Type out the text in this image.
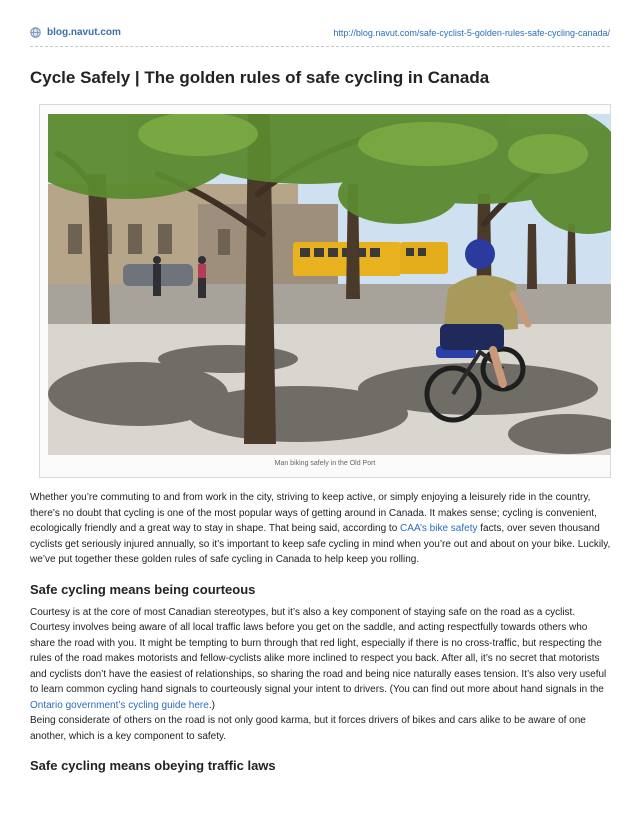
blog.navut.com	http://blog.navut.com/safe-cyclist-5-golden-rules-safe-cycling-canada/
Cycle Safely | The golden rules of safe cycling in Canada
Man biking safely in the Old Port

Whether you’re commuting to and from work in the city, striving to keep active, or simply enjoying a leisurely ride in the country, there’s no doubt that cycling is one of the most popular ways of getting around in Canada. It makes sense; cycling is convenient, ecologically friendly and a great way to stay in shape. That being said, according to CAA’s bike safety facts, over seven thousand cyclists get seriously injured annually, so it’s important to keep safe cycling in mind when you’re out and about on your bike. Luckily, we’ve put together these golden rules of safe cycling in Canada to help keep you rolling.

Safe cycling means being courteous

Courtesy is at the core of most Canadian stereotypes, but it’s also a key component of staying safe on the road as a cyclist. Courtesy involves being aware of all local traffic laws before you get on the saddle, and acting respectfully towards others who share the road with you. It might be tempting to burn through that red light, especially if there is no cross-traffic, but respecting the rules of the road makes motorists and fellow-cyclists alike more inclined to respect you back. After all, it’s no secret that motorists and cyclists don’t have the easiest of relationships, so sharing the road and being nice naturally eases tension. It’s also very useful to learn common cycling hand signals to courteously signal your intent to drivers. (You can find out more about hand signals in the Ontario government’s cycling guide here.)

Being considerate of others on the road is not only good karma, but it forces drivers of bikes and cars alike to be aware of one another, which is a key component to safety.

Safe cycling means obeying traffic laws
